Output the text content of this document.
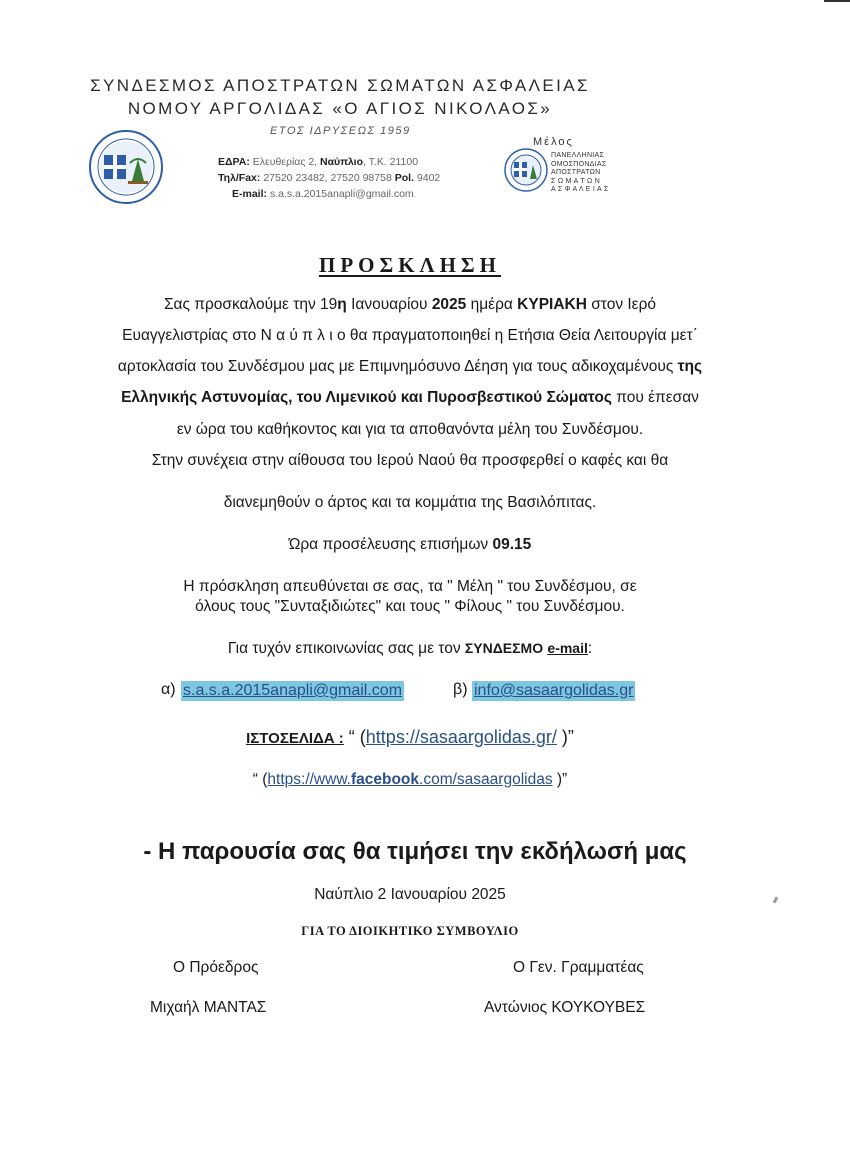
ΣΥΝΔΕΣΜΟΣ ΑΠΟΣΤΡΑΤΩΝ ΣΩΜΑΤΩΝ ΑΣΦΑΛΕΙΑΣ
ΝΟΜΟΥ ΑΡΓΟΛΙΔΑΣ «Ο ΑΓΙΟΣ ΝΙΚΟΛΑΟΣ»
ΕΤΟΣ ΙΔΡΥΣΕΩΣ 1959
ΕΔΡΑ: Ελευθερίας 2, Ναύπλιο, Τ.Κ. 21100
Τηλ/Fax: 27520 23482, 27520 98758 Pol. 9402
E-mail: s.a.s.a.2015anapli@gmail.com
Μέλος
ΠΑΝΕΛΛΗΝΙΑΣ
ΟΜΟΣΠΟΝΔΙΑΣ
ΑΠΟΣΤΡΑΤΩΝ
Σ Ω Μ Α Τ Ω Ν
Α Σ Φ Α Λ Ε Ι Α Σ
ΠΡΟΣΚΛΗΣΗ
Σας προσκαλούμε την 19η Ιανουαρίου 2025 ημέρα ΚΥΡΙΑΚΗ στον Ιερό
Ευαγγελιστρίας στο Ν α ύ π λ ι ο θα πραγματοποιηθεί η Ετήσια Θεία Λειτουργία μετ΄
αρτοκλασία του Συνδέσμου μας με Επιμνημόσυνο Δέηση για τους αδικοχαμένους της
Ελληνικής Αστυνομίας, του Λιμενικού και Πυροσβεστικού Σώματος που έπεσαν
εν ώρα του καθήκοντος και για τα αποθανόντα μέλη του Συνδέσμου.
Στην συνέχεια στην αίθουσα του Ιερού Ναού θα προσφερθεί ο καφές και θα
διανεμηθούν ο άρτος και τα κομμάτια της Βασιλόπιτας.
Ώρα προσέλευσης επισήμων 09.15
Η πρόσκληση απευθύνεται σε σας, τα " Μέλη " του Συνδέσμου, σε
όλους τους "Συνταξιδιώτες" και τους " Φίλους " του Συνδέσμου.
Για τυχόν επικοινωνίας σας με τον ΣΥΝΔΕΣΜΟ e-mail:
α) s.a.s.a.2015anapli@gmail.com	β) info@sasaargolidas.gr
ΙΣΤΟΣΕΛΙΔΑ : “ (https://sasaargolidas.gr/ )”
“ (https://www.facebook.com/sasaargolidas )”
- Η παρουσία σας θα τιμήσει την εκδήλωσή μας
Ναύπλιο 2 Ιανουαρίου 2025
ΓΙΑ ΤΟ ΔΙΟΙΚΗΤΙΚΟ ΣΥΜΒΟΥΛΙΟ
Ο Πρόεδρος	Ο Γεν. Γραμματέας
Μιχαήλ ΜΑΝΤΑΣ	Αντώνιος ΚΟΥΚΟΥΒΕΣ
